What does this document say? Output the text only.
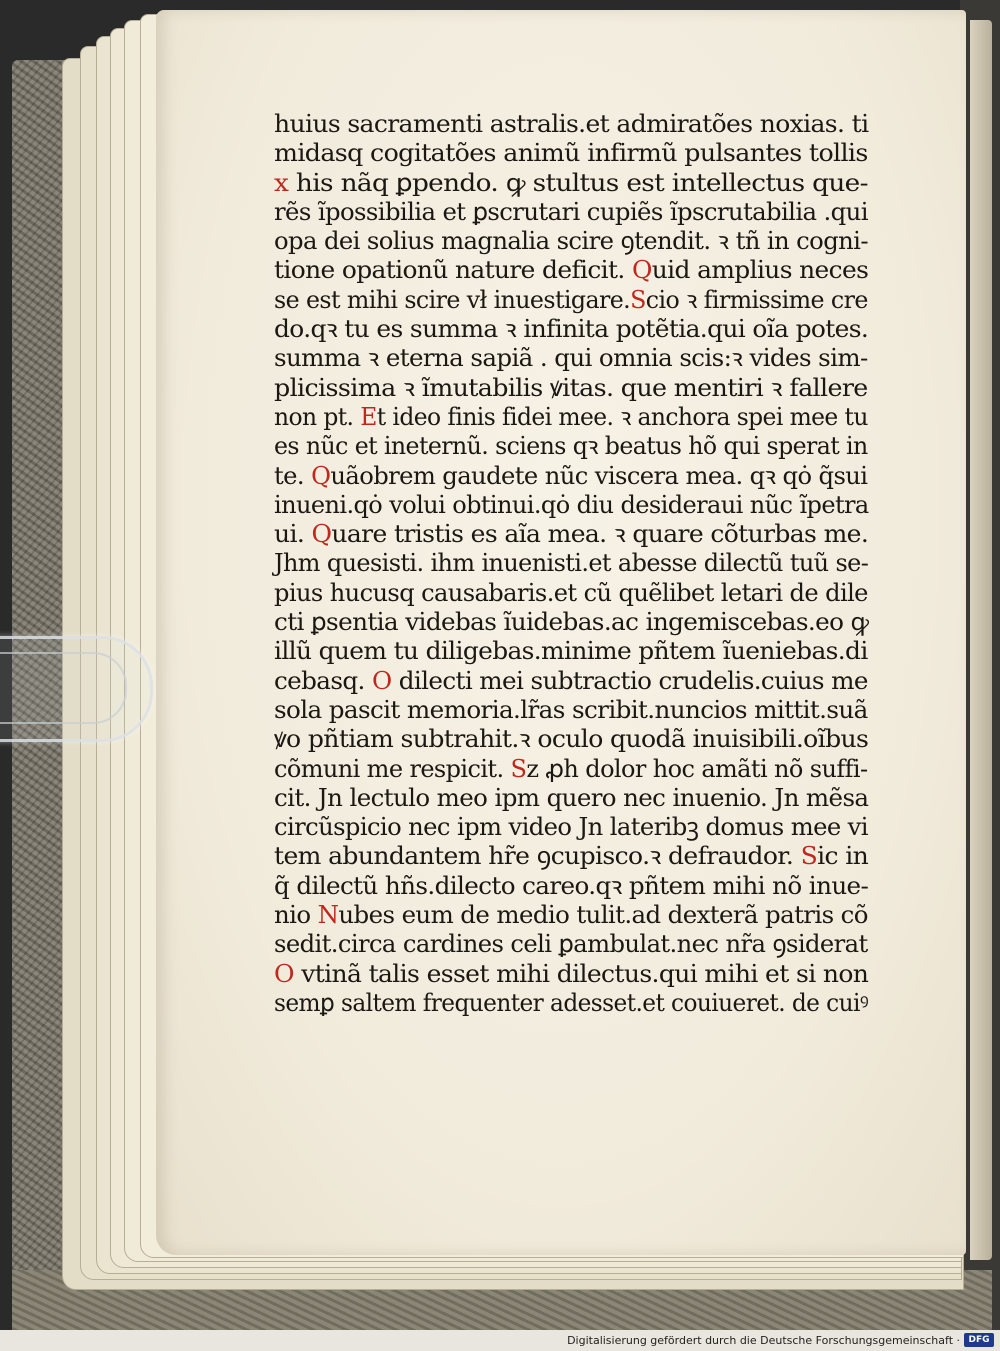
huius sacramenti astralis.et admiratões noxias. ti
midasq cogitatões animũ infirmũ pulsantes tollis
x his nãq ꝑpendo. ꝙ stultus est intellectus que-
rẽs ĩpossibilia et ꝑscrutari cupiẽs ĩpscrutabilia .qui
opa dei solius magnalia scire ꝯtendit. ꝛ tñ in cogni-
tione opationũ nature deficit. Quid amplius neces
se est mihi scire vł inuestigare.Scio ꝛ firmissime cre
do.qꝛ tu es summa ꝛ infinita potẽtia.qui oĩa potes.
summa ꝛ eterna sapiã . qui omnia scis:ꝛ vides sim-
plicissima ꝛ ĩmutabilis ꝟitas. que mentiri ꝛ fallere
non pt. Et ideo finis fidei mee. ꝛ anchora spei mee tu
es nũc et ineternũ. sciens qꝛ beatus hõ qui sperat in
te. Quãobrem gaudete nũc viscera mea. qꝛ qȯ q̃sui
inueni.qȯ volui obtinui.qȯ diu desideraui nũc ĩpetra
ui. Quare tristis es aĩa mea. ꝛ quare cõturbas me.
Jhm quesisti. ihm inuenisti.et abesse dilectũ tuũ se-
pius hucusq causabaris.et cũ quẽlibet letari de dile
cti ꝑsentia videbas ĩuidebas.ac ingemiscebas.eo ꝙ
illũ quem tu diligebas.minime pñtem ĩueniebas.di
cebasq. O dilecti mei subtractio crudelis.cuius me
sola pascit memoria.lr̃as scribit.nuncios mittit.suã
ꝟo pñtiam subtrahit.ꝛ oculo quodã inuisibili.oĩbus
cõmuni me respicit. Sz ꝓh dolor hoc amãti nõ suffi-
cit. Jn lectulo meo ipm quero nec inuenio. Jn mẽsa
circũspicio nec ipm video Jn lateribꝫ domus mee vi
tem abundantem hr̃e ꝯcupisco.ꝛ defraudor. Sic in
q̃ dilectũ hñs.dilecto careo.qꝛ pñtem mihi nõ inue-
nio Nubes eum de medio tulit.ad dexterã patris cõ
sedit.circa cardines celi ꝑambulat.nec nr̃a ꝯsiderat
O vtinã talis esset mihi dilectus.qui mihi et si non
semꝑ saltem frequenter adesset.et couiueret. de cuiꝰ
Digitalisierung gefördert durch die Deutsche Forschungsgemeinschaft · DFG
